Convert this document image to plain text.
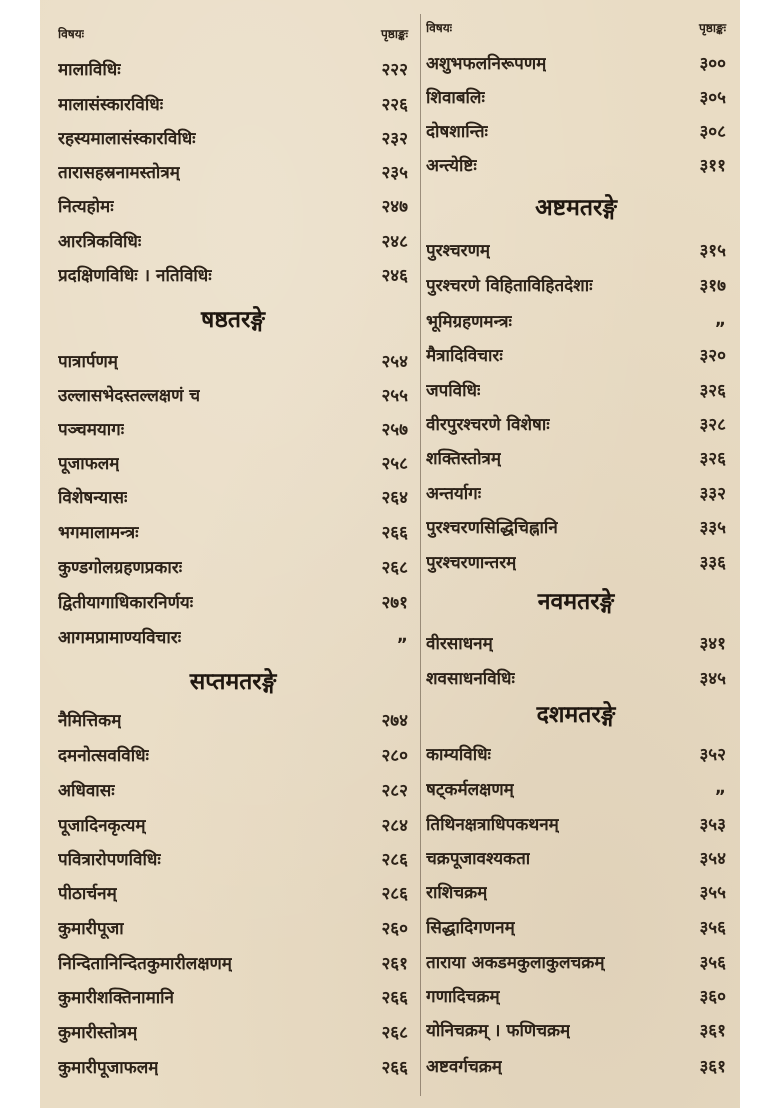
विषयः	पृष्ठाङ्कः
मालाविधिः	२२२
मालासंस्कारविधिः	२२६
रहस्यमालासंस्कारविधिः	२३२
तारासहस्रनामस्तोत्रम्	२३५
नित्यहोमः	२४७
आरत्रिकविधिः	२४८
प्रदक्षिणविधिः । नतिविधिः	२४६
षष्ठतरङ्गे
पात्रार्पणम्	२५४
उल्लासभेदस्तल्लक्षणं च	२५५
पञ्चमयागः	२५७
पूजाफलम्	२५८
विशेषन्यासः	२६४
भगमालामन्त्रः	२६६
कुण्डगोलग्रहणप्रकारः	२६८
द्वितीयागाधिकारनिर्णयः	२७१
आगमप्रामाण्यविचारः	„
सप्तमतरङ्गे
नैमित्तिकम्	२७४
दमनोत्सवविधिः	२८०
अधिवासः	२८२
पूजादिनकृत्यम्	२८४
पवित्रारोपणविधिः	२८६
पीठार्चनम्	२८६
कुमारीपूजा	२६०
निन्दितानिन्दितकुमारीलक्षणम्	२६१
कुमारीशक्तिनामानि	२६६
कुमारीस्तोत्रम्	२६८
कुमारीपूजाफलम्	२६६
विषयः	पृष्ठाङ्कः
अशुभफलनिरूपणम्	३००
शिवाबलिः	३०५
दोषशान्तिः	३०८
अन्त्येष्टिः	३११
अष्टमतरङ्गे
पुरश्चरणम्	३१५
पुरश्चरणे विहिताविहितदेशाः	३१७
भूमिग्रहणमन्त्रः	„
मैत्रादिविचारः	३२०
जपविधिः	३२६
वीरपुरश्चरणे विशेषाः	३२८
शक्तिस्तोत्रम्	३२६
अन्तर्यागः	३३२
पुरश्चरणसिद्धिचिह्नानि	३३५
पुरश्चरणान्तरम्	३३६
नवमतरङ्गे
वीरसाधनम्	३४१
शवसाधनविधिः	३४५
दशमतरङ्गे
काम्यविधिः	३५२
षट्कर्मलक्षणम्	„
तिथिनक्षत्राधिपकथनम्	३५३
चक्रपूजावश्यकता	३५४
राशिचक्रम्	३५५
सिद्धादिगणनम्	३५६
ताराया अकडमकुलाकुलचक्रम्	३५६
गणादिचक्रम्	३६०
योनिचक्रम् । फणिचक्रम्	३६१
अष्टवर्गचक्रम्	३६१
